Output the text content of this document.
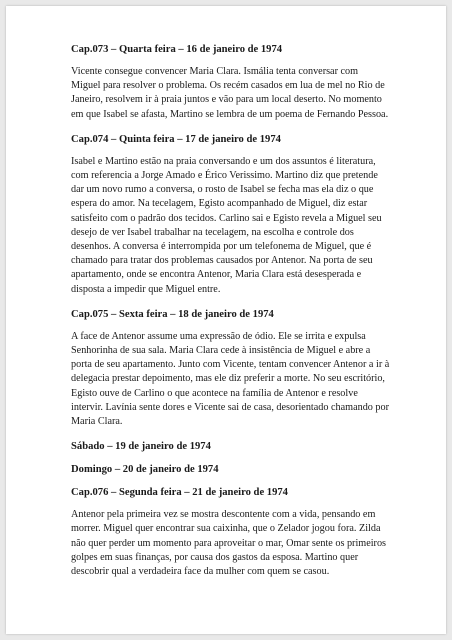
Cap.073 – Quarta feira – 16 de janeiro de 1974

Vicente consegue convencer Maria Clara. Ismália tenta conversar com Miguel para resolver o problema. Os recém casados em lua de mel no Rio de Janeiro, resolvem ir à praia juntos e vão para um local deserto. No momento em que Isabel se afasta, Martino se lembra de um poema de Fernando Pessoa.

Cap.074 – Quinta feira – 17 de janeiro de 1974

Isabel e Martino estão na praia conversando e um dos assuntos é literatura, com referencia a Jorge Amado e Érico Verissimo. Martino diz que pretende dar um novo rumo a conversa, o rosto de Isabel se fecha mas ela diz o que espera do amor. Na tecelagem, Egisto acompanhado de Miguel, diz estar satisfeito com o padrão dos tecidos. Carlino sai e Egisto revela a Miguel seu desejo de ver Isabel trabalhar na tecelagem, na escolha e controle dos desenhos. A conversa é interrompida por um telefonema de Miguel, que é chamado para tratar dos problemas causados por Antenor. Na porta de seu apartamento, onde se encontra Antenor, Maria Clara está desesperada e disposta a impedir que Miguel entre.

Cap.075 – Sexta feira – 18 de janeiro de 1974

A face de Antenor assume uma expressão de ódio. Ele se irrita e expulsa Senhorinha de sua sala. Maria Clara cede à insistência de Miguel e abre a porta de seu apartamento. Junto com Vicente, tentam convencer Antenor a ir à delegacia prestar depoimento, mas ele diz preferir a morte. No seu escritório, Egisto ouve de Carlino o que acontece na família de Antenor e resolve intervir. Lavínia sente dores e Vicente sai de casa, desorientado chamando por Maria Clara.

Sábado – 19 de janeiro de 1974

Domingo – 20 de janeiro de 1974

Cap.076 – Segunda feira – 21 de janeiro de 1974

Antenor pela primeira vez se mostra descontente com a vida, pensando em morrer. Miguel quer encontrar sua caixinha, que o Zelador jogou fora. Zilda não quer perder um momento para aproveitar o mar, Omar sente os primeiros golpes em suas finanças, por causa dos gastos da esposa. Martino quer descobrir qual a verdadeira face da mulher com quem se casou.
